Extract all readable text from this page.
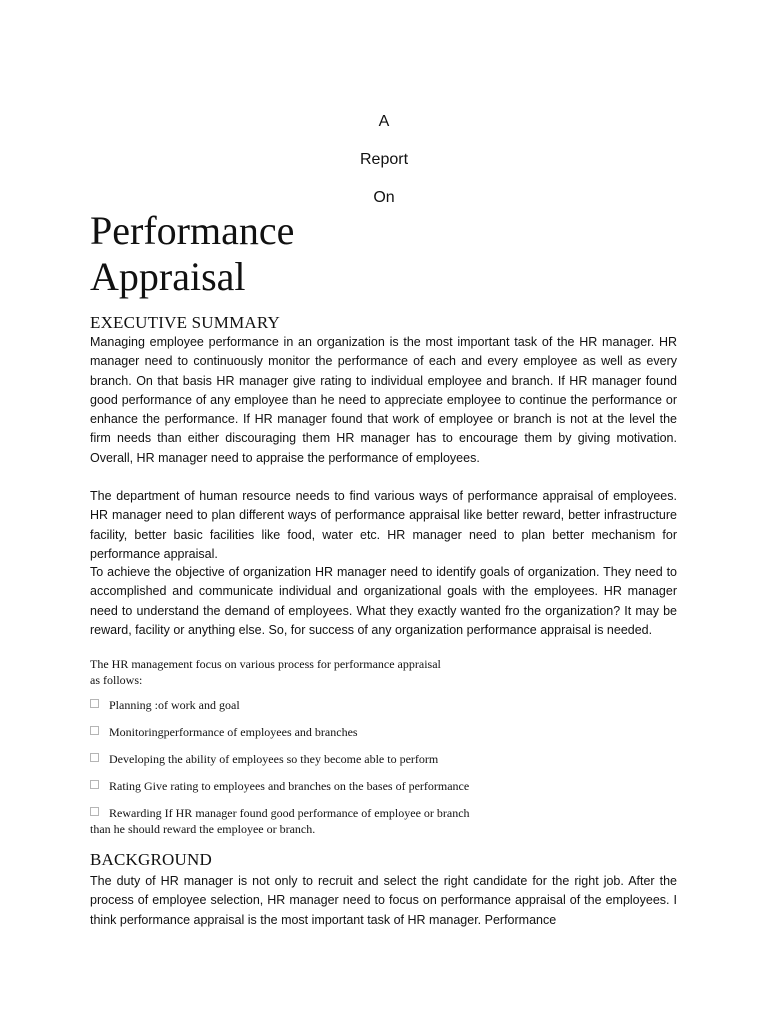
A
Report
On
Performance
Appraisal
EXECUTIVE SUMMARY

Managing employee performance in an organization is the most important task of the HR manager. HR manager need to continuously monitor the performance of each and every employee as well as every branch. On that basis HR manager give rating to individual employee and branch. If HR manager found good performance of any employee than he need to appreciate employee to continue the performance or enhance the performance. If HR manager found that work of employee or branch is not at the level the firm needs than either discouraging them HR manager has to encourage them by giving motivation. Overall, HR manager need to appraise the performance of employees.

The department of human resource needs to find various ways of performance appraisal of employees. HR manager need to plan different ways of performance appraisal like better reward, better infrastructure facility, better basic facilities like food, water etc. HR manager need to plan better mechanism for performance appraisal.

To achieve the objective of organization HR manager need to identify goals of organization. They need to accomplished and communicate individual and organizational goals with the employees. HR manager need to understand the demand of employees. What they exactly wanted fro the organization? It may be reward, facility or anything else. So, for success of any organization performance appraisal is needed.

The HR management focus on various process for performance appraisal

as follows:

Planning :of work and goal
Monitoringperformance of employees and branches
Developing the ability of employees so they become able to perform
Rating Give rating to employees and branches on the bases of performance
Rewarding If HR manager found good performance of employee or branch

than he should reward the employee or branch.

BACKGROUND

The duty of HR manager is not only to recruit and select the right candidate for the right job. After the process of employee selection, HR manager need to focus on performance appraisal of the employees. I think performance appraisal is the most important task of HR manager. Performance
